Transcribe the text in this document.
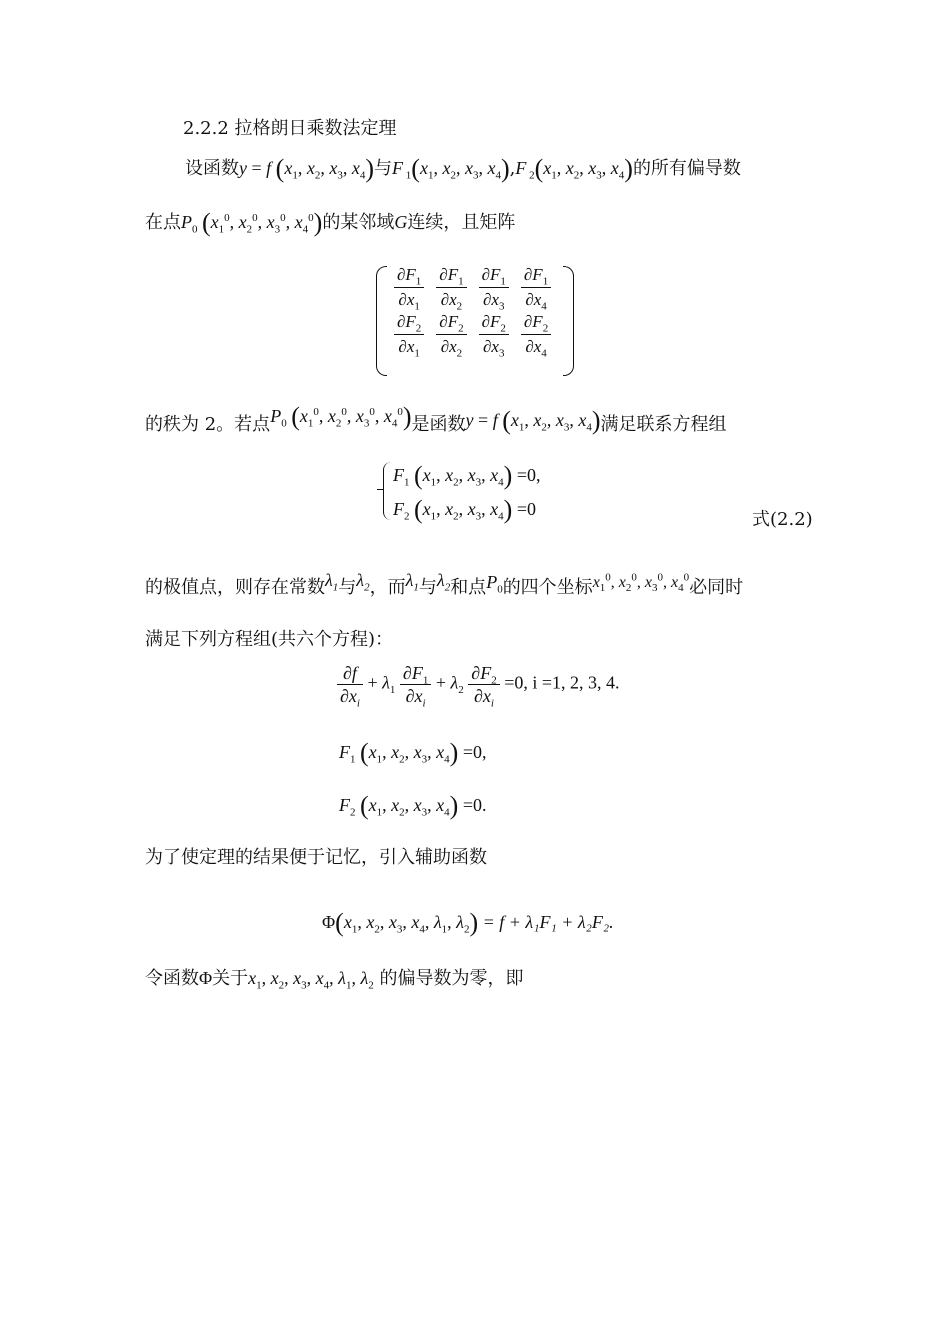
2.2.2 拉格朗日乘数法定理
设函数y = f ($x_1$, $x_2$, $x_3$, $x_4$)与F $_1(x_1$, $x_2$, $x_3$, $x_4),F$ $_2(x_1$, $x_2$, $x_3$, $x_4$)的所有偏导数
在点$P_0$ ($x_1^0$, $x_2^0$, $x_3^0$, $x_4^0$)的某邻域G连续，且矩阵
$\frac{\partial F_1}{\partial x_1}$	$\frac{\partial F_1}{\partial x_2}$	$\frac{\partial F_1}{\partial x_3}$	$\frac{\partial F_1}{\partial x_4}$

$\frac{\partial F_2}{\partial x_1}$	$\frac{\partial F_2}{\partial x_2}$	$\frac{\partial F_2}{\partial x_3}$	$\frac{\partial F_2}{\partial x_4}$
的秩为 2。若点$P_0$ ($x_1^0$, $x_2^0$, $x_3^0$, $x_4^0$)是函数y = f ($x_1$, $x_2$, $x_3$, $x_4$)满足联系方程组
$F_1$ ($x_1$, $x_2$, $x_3$, $x_4) =0$,
$F_2$ ($x_1$, $x_2$, $x_3$, $x_4) =0$	式(2.2)
的极值点，则存在常数$\lambda_1$与$\lambda_2$，而$\lambda_1$与$\lambda_2$和点$P_0$的四个坐标$x_1^0$, $x_2^0$, $x_3^0$, $x_4^0$必同时
满足下列方程组(共六个方程)：
$\frac{\partial f}{\partial x_i} + \lambda_1 \frac{\partial F_1}{\partial x_i} + \lambda_2 \frac{\partial F_2}{\partial x_i} =0$, i =1, 2, 3, 4.
$F_1$ ($x_1$, $x_2$, $x_3$, $x_4) =0$,
$F_2$ ($x_1$, $x_2$, $x_3$, $x_4) =0$.
为了使定理的结果便于记忆，引入辅助函数
$\Phi(x_1$, $x_2$, $x_3$, $x_4$, $\lambda_1$, $\lambda_2) = f + \lambda_1F_1 + \lambda_2F_2$.
令函数Φ关于$x_1$, $x_2$, $x_3$, $x_4$, $\lambda_1$, $\lambda_2$ 的偏导数为零，即
